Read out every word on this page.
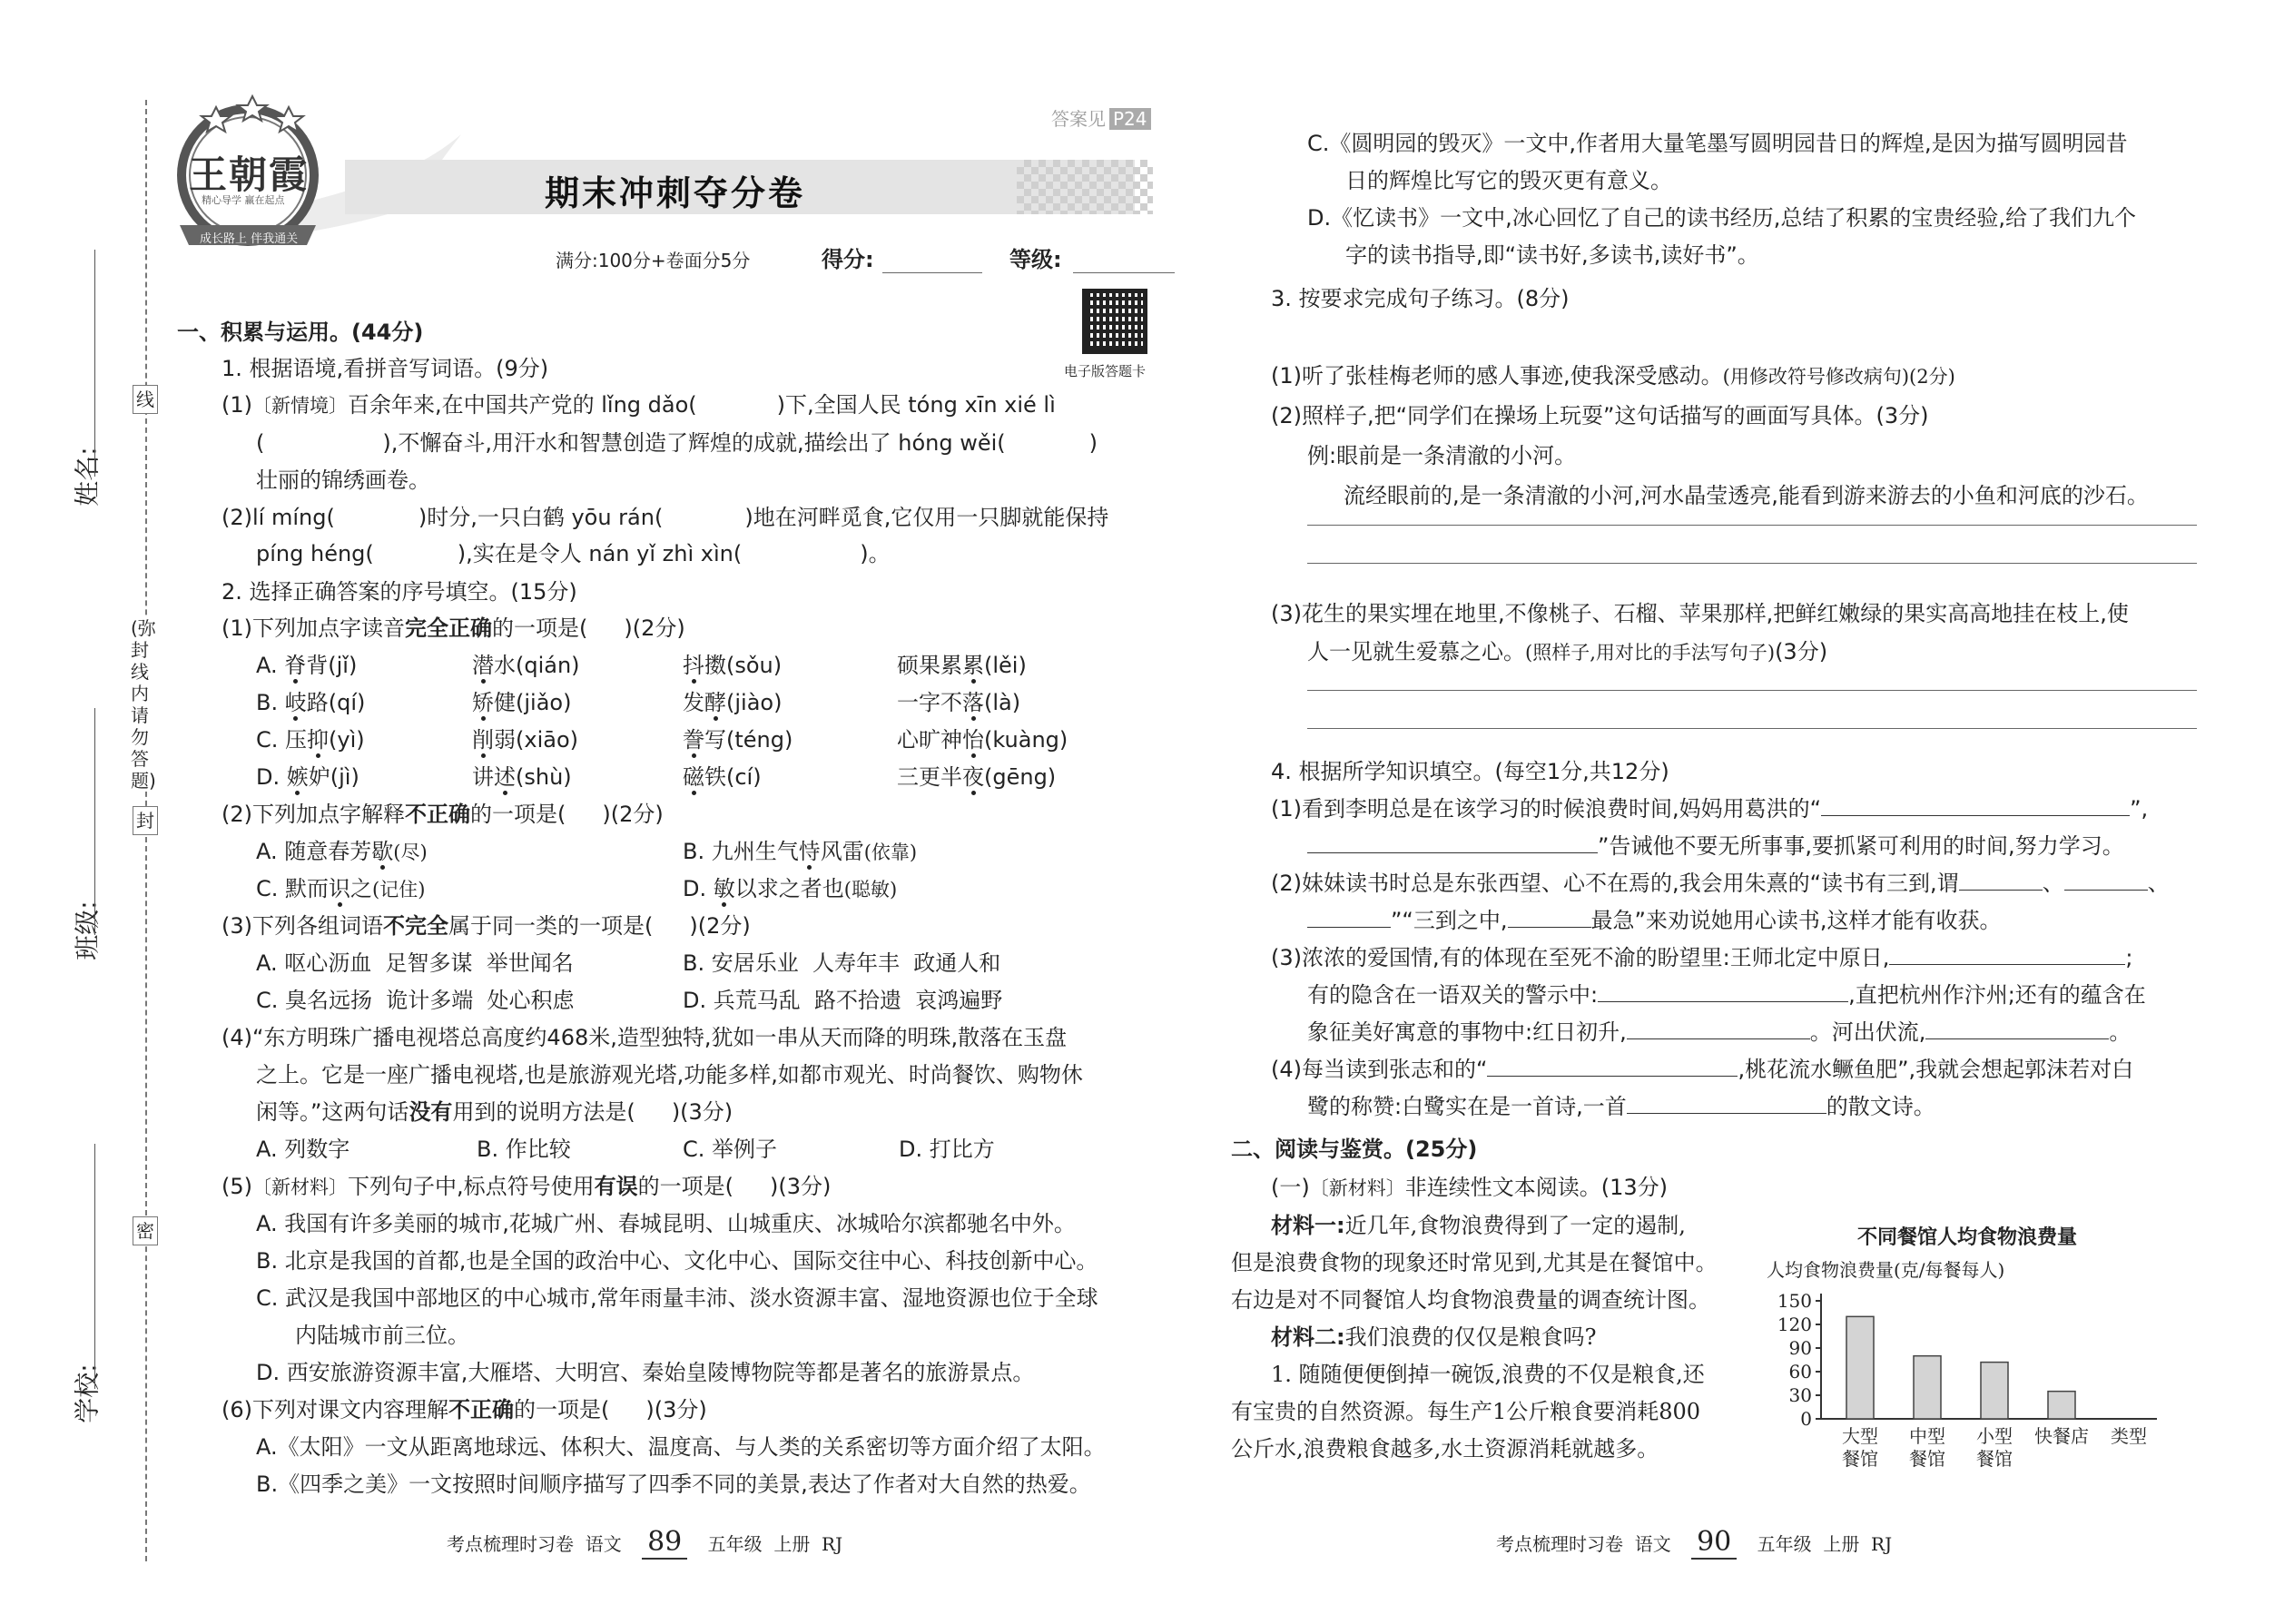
姓名:
班级:
学校:
线
封
密
(弥封线内请勿答题)
王朝霞
精心导学 赢在起点
成长路上 伴我通关
期末冲刺夺分卷
答案见 P24
满分:100分+卷面分5分	得分:	等级:
电子版答题卡
一、积累与运用。(44分)
1. 根据语境,看拼音写词语。(9分)
(1)〔新情境〕百余年来,在中国共产党的 lǐng dǎo(	)下,全国人民 tóng xīn xié lì
(	),不懈奋斗,用汗水和智慧创造了辉煌的成就,描绘出了 hóng wěi(	)
壮丽的锦绣画卷。
(2)lí míng(	)时分,一只白鹤 yōu rán(	)地在河畔觅食,它仅用一只脚就能保持
píng héng(	),实在是令人 nán yǐ zhì xìn(	)。
2. 选择正确答案的序号填空。(15分)
(1)下列加点字读音完全正确的一项是( )(2分)
A. 脊背(jǐ)	潜水(qián)	抖擞(sǒu)	硕果累累(lěi)
B. 岐路(qí)	矫健(jiǎo)	发酵(jiào)	一字不落(là)
C. 压抑(yì)	削弱(xiāo)	誊写(téng)	心旷神怡(kuàng)
D. 嫉妒(jì)	讲述(shù)	磁铁(cí)	三更半夜(gēng)
(2)下列加点字解释不正确的一项是( )(2分)
A. 随意春芳歇(尽)	B. 九州生气恃风雷(依靠)
C. 默而识之(记住)	D. 敏以求之者也(聪敏)
(3)下列各组词语不完全属于同一类的一项是( )(2分)
A. 呕心沥血  足智多谋  举世闻名	B. 安居乐业  人寿年丰  政通人和
C. 臭名远扬  诡计多端  处心积虑	D. 兵荒马乱  路不拾遗  哀鸿遍野
(4)“东方明珠广播电视塔总高度约468米,造型独特,犹如一串从天而降的明珠,散落在玉盘
之上。它是一座广播电视塔,也是旅游观光塔,功能多样,如都市观光、时尚餐饮、购物休
闲等。”这两句话没有用到的说明方法是( )(3分)
A. 列数字	B. 作比较	C. 举例子	D. 打比方
(5)〔新材料〕下列句子中,标点符号使用有误的一项是( )(3分)
A. 我国有许多美丽的城市,花城广州、春城昆明、山城重庆、冰城哈尔滨都驰名中外。
B. 北京是我国的首都,也是全国的政治中心、文化中心、国际交往中心、科技创新中心。
C. 武汉是我国中部地区的中心城市,常年雨量丰沛、淡水资源丰富、湿地资源也位于全球
内陆城市前三位。
D. 西安旅游资源丰富,大雁塔、大明宫、秦始皇陵博物院等都是著名的旅游景点。
(6)下列对课文内容理解不正确的一项是( )(3分)
A.《太阳》一文从距离地球远、体积大、温度高、与人类的关系密切等方面介绍了太阳。
B.《四季之美》一文按照时间顺序描写了四季不同的美景,表达了作者对大自然的热爱。
考点梳理时习卷  语文 89 五年级  上册  RJ
C.《圆明园的毁灭》一文中,作者用大量笔墨写圆明园昔日的辉煌,是因为描写圆明园昔
日的辉煌比写它的毁灭更有意义。
D.《忆读书》一文中,冰心回忆了自己的读书经历,总结了积累的宝贵经验,给了我们九个
字的读书指导,即“读书好,多读书,读好书”。
3. 按要求完成句子练习。(8分)
(1)听了张桂梅老师的感人事迹,使我深受感动。(用修改符号修改病句)(2分)
(2)照样子,把“同学们在操场上玩耍”这句话描写的画面写具体。(3分)
例:眼前是一条清澈的小河。
流经眼前的,是一条清澈的小河,河水晶莹透亮,能看到游来游去的小鱼和河底的沙石。
(3)花生的果实埋在地里,不像桃子、石榴、苹果那样,把鲜红嫩绿的果实高高地挂在枝上,使
人一见就生爱慕之心。(照样子,用对比的手法写句子)(3分)
4. 根据所学知识填空。(每空1分,共12分)
(1)看到李明总是在该学习的时候浪费时间,妈妈用葛洪的“	”,
”告诫他不要无所事事,要抓紧可利用的时间,努力学习。
(2)妹妹读书时总是东张西望、心不在焉的,我会用朱熹的“读书有三到,谓	、	、
”“三到之中,	最急”来劝说她用心读书,这样才能有收获。
(3)浓浓的爱国情,有的体现在至死不渝的盼望里:王师北定中原日,	;
有的隐含在一语双关的警示中:	,直把杭州作汴州;还有的蕴含在
象征美好寓意的事物中:红日初升,	。河出伏流,	。
(4)每当读到张志和的“	,桃花流水鳜鱼肥”,我就会想起郭沫若对白
鹭的称赞:白鹭实在是一首诗,一首	的散文诗。
二、阅读与鉴赏。(25分)
(一)〔新材料〕非连续性文本阅读。(13分)
材料一:近几年,食物浪费得到了一定的遏制,
但是浪费食物的现象还时常见到,尤其是在餐馆中。
右边是对不同餐馆人均食物浪费量的调查统计图。
材料二:我们浪费的仅仅是粮食吗?
1. 随随便便倒掉一碗饭,浪费的不仅是粮食,还
有宝贵的自然资源。每生产1公斤粮食要消耗800
公斤水,浪费粮食越多,水土资源消耗就越多。
不同餐馆人均食物浪费量
人均食物浪费量(克/每餐每人)
150
120
90
60
30
0
大型
餐馆
中型
餐馆
小型
餐馆
快餐店 类型
考点梳理时习卷  语文 90 五年级  上册  RJ
